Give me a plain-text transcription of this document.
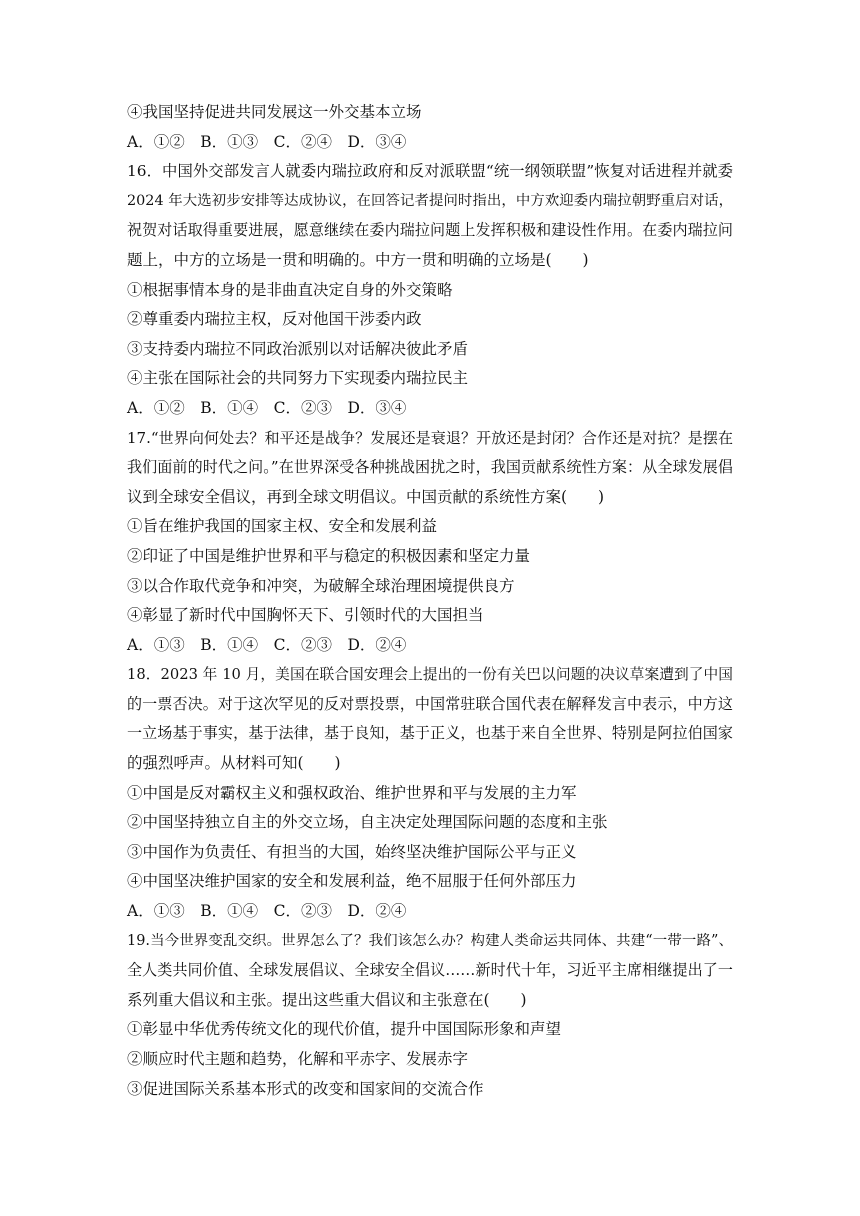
④我国坚持促进共同发展这一外交基本立场
A．①②　B．①③　C．②④　D．③④
16．中国外交部发言人就委内瑞拉政府和反对派联盟“统一纲领联盟”恢复对话进程并就委
2024 年大选初步安排等达成协议，在回答记者提问时指出，中方欢迎委内瑞拉朝野重启对话，
祝贺对话取得重要进展，愿意继续在委内瑞拉问题上发挥积极和建设性作用。在委内瑞拉问
题上，中方的立场是一贯和明确的。中方一贯和明确的立场是(　　)
①根据事情本身的是非曲直决定自身的外交策略
②尊重委内瑞拉主权，反对他国干涉委内政
③支持委内瑞拉不同政治派别以对话解决彼此矛盾
④主张在国际社会的共同努力下实现委内瑞拉民主
A．①②　B．①④　C．②③　D．③④
17.“世界向何处去？和平还是战争？发展还是衰退？开放还是封闭？合作还是对抗？是摆在
我们面前的时代之问。”在世界深受各种挑战困扰之时，我国贡献系统性方案：从全球发展倡
议到全球安全倡议，再到全球文明倡议。中国贡献的系统性方案(　　)
①旨在维护我国的国家主权、安全和发展利益
②印证了中国是维护世界和平与稳定的积极因素和坚定力量
③以合作取代竞争和冲突，为破解全球治理困境提供良方
④彰显了新时代中国胸怀天下、引领时代的大国担当
A．①③　B．①④　C．②③　D．②④
18．2023 年 10 月，美国在联合国安理会上提出的一份有关巴以问题的决议草案遭到了中国
的一票否决。对于这次罕见的反对票投票，中国常驻联合国代表在解释发言中表示，中方这
一立场基于事实，基于法律，基于良知，基于正义，也基于来自全世界、特别是阿拉伯国家
的强烈呼声。从材料可知(　　)
①中国是反对霸权主义和强权政治、维护世界和平与发展的主力军
②中国坚持独立自主的外交立场，自主决定处理国际问题的态度和主张
③中国作为负责任、有担当的大国，始终坚决维护国际公平与正义
④中国坚决维护国家的安全和发展利益，绝不屈服于任何外部压力
A．①③　B．①④　C．②③　D．②④
19.当今世界变乱交织。世界怎么了？我们该怎么办？构建人类命运共同体、共建“一带一路”、
全人类共同价值、全球发展倡议、全球安全倡议……新时代十年，习近平主席相继提出了一
系列重大倡议和主张。提出这些重大倡议和主张意在(　　)
①彰显中华优秀传统文化的现代价值，提升中国国际形象和声望
②顺应时代主题和趋势，化解和平赤字、发展赤字
③促进国际关系基本形式的改变和国家间的交流合作
